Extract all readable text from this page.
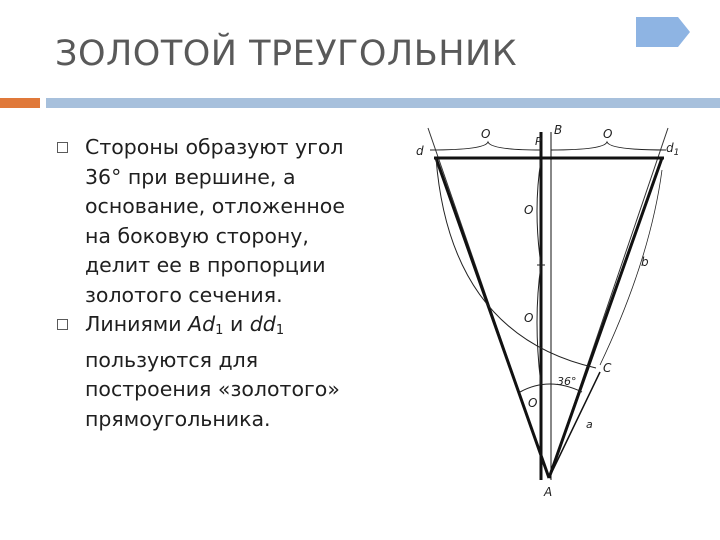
ЗОЛОТОЙ ТРЕУГОЛЬНИК
Стороны образуют угол 36° при вершине, а основание, отложенное на боковую сторону, делит ее в пропорции золотого сечения.
Линиями $Ad_1$ и $dd_1$ пользуются для построения «золотого» прямоугольника.
d	$d_1$
B
P
O	O
O
O
O
b
C
36°
a
A
